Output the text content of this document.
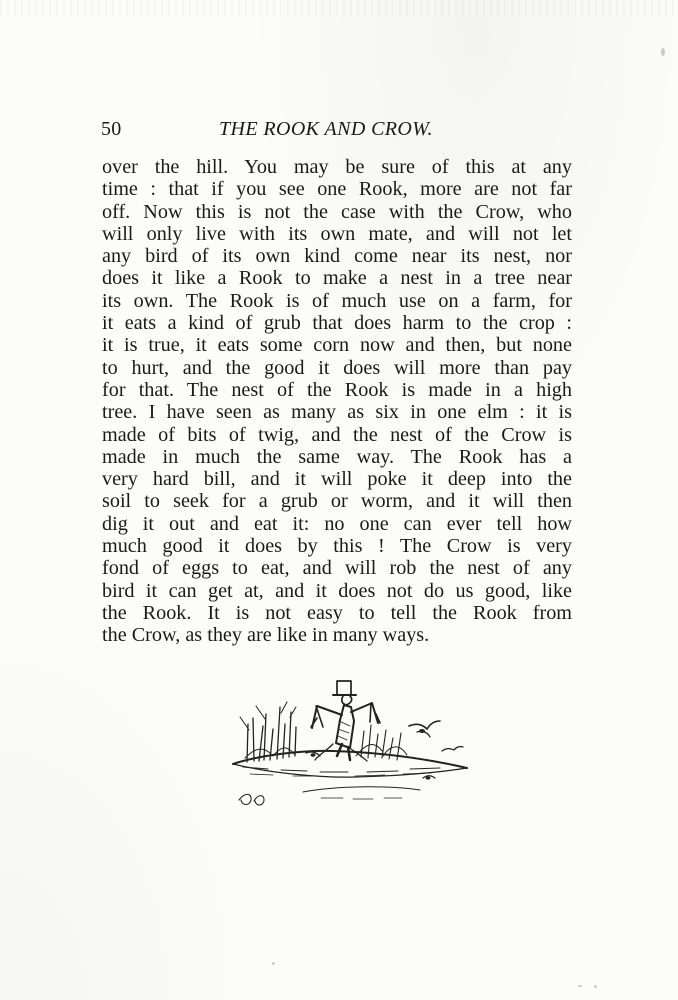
50	THE ROOK AND CROW.
over the hill. You may be sure of this at any
time : that if you see one Rook, more are not far
off. Now this is not the case with the Crow, who
will only live with its own mate, and will not let
any bird of its own kind come near its nest, nor
does it like a Rook to make a nest in a tree near
its own. The Rook is of much use on a farm, for
it eats a kind of grub that does harm to the crop :
it is true, it eats some corn now and then, but none
to hurt, and the good it does will more than pay
for that. The nest of the Rook is made in a high
tree. I have seen as many as six in one elm : it is
made of bits of twig, and the nest of the Crow is
made in much the same way. The Rook has a
very hard bill, and it will poke it deep into the
soil to seek for a grub or worm, and it will then
dig it out and eat it: no one can ever tell how
much good it does by this ! The Crow is very
fond of eggs to eat, and will rob the nest of any
bird it can get at, and it does not do us good, like
the Rook. It is not easy to tell the Rook from
the Crow, as they are like in many ways.
